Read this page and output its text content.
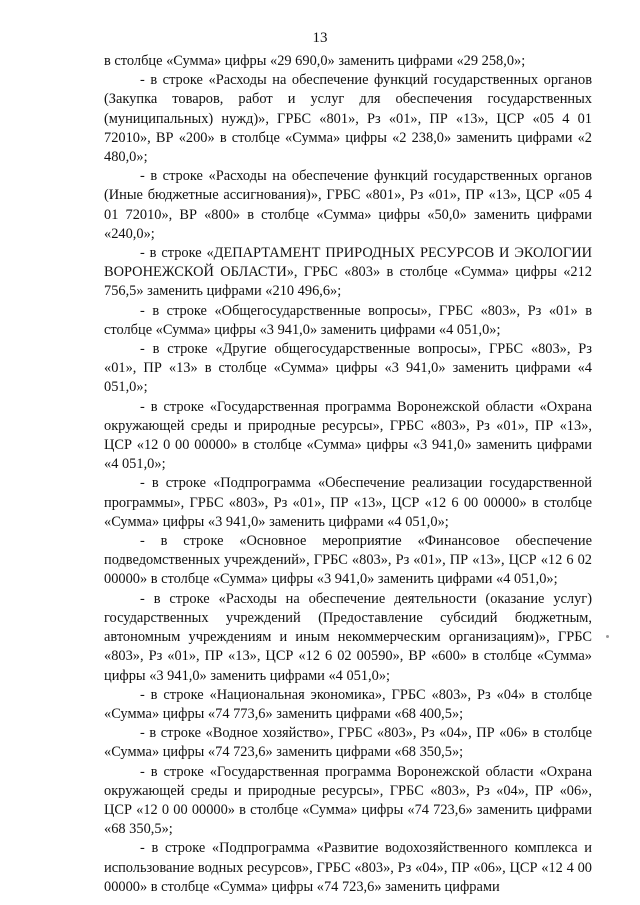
13

в столбце «Сумма» цифры «29 690,0» заменить цифрами «29 258,0»;

- в строке «Расходы на обеспечение функций государственных органов (Закупка товаров, работ и услуг для обеспечения государственных (муниципальных) нужд)», ГРБС «801», Рз «01», ПР «13», ЦСР «05 4 01 72010», ВР «200» в столбце «Сумма» цифры «2 238,0» заменить цифрами «2 480,0»;

- в строке «Расходы на обеспечение функций государственных органов (Иные бюджетные ассигнования)», ГРБС «801», Рз «01», ПР «13», ЦСР «05 4 01 72010», ВР «800» в столбце «Сумма» цифры «50,0» заменить цифрами «240,0»;

- в строке «ДЕПАРТАМЕНТ ПРИРОДНЫХ РЕСУРСОВ И ЭКОЛОГИИ ВОРОНЕЖСКОЙ ОБЛАСТИ», ГРБС «803» в столбце «Сумма» цифры «212 756,5» заменить цифрами «210 496,6»;

- в строке «Общегосударственные вопросы», ГРБС «803», Рз «01» в столбце «Сумма» цифры «3 941,0» заменить цифрами «4 051,0»;

- в строке «Другие общегосударственные вопросы», ГРБС «803», Рз «01», ПР «13» в столбце «Сумма» цифры «3 941,0» заменить цифрами «4 051,0»;

- в строке «Государственная программа Воронежской области «Охрана окружающей среды и природные ресурсы», ГРБС «803», Рз «01», ПР «13», ЦСР «12 0 00 00000» в столбце «Сумма» цифры «3 941,0» заменить цифрами «4 051,0»;

- в строке «Подпрограмма «Обеспечение реализации государственной программы», ГРБС «803», Рз «01», ПР «13», ЦСР «12 6 00 00000» в столбце «Сумма» цифры «3 941,0» заменить цифрами «4 051,0»;

- в строке «Основное мероприятие «Финансовое обеспечение подведомственных учреждений», ГРБС «803», Рз «01», ПР «13», ЦСР «12 6 02 00000» в столбце «Сумма» цифры «3 941,0» заменить цифрами «4 051,0»;

- в строке «Расходы на обеспечение деятельности (оказание услуг) государственных учреждений (Предоставление субсидий бюджетным, автономным учреждениям и иным некоммерческим организациям)», ГРБС «803», Рз «01», ПР «13», ЦСР «12 6 02 00590», ВР «600» в столбце «Сумма» цифры «3 941,0» заменить цифрами «4 051,0»;

- в строке «Национальная экономика», ГРБС «803», Рз «04» в столбце «Сумма» цифры «74 773,6» заменить цифрами «68 400,5»;

- в строке «Водное хозяйство», ГРБС «803», Рз «04», ПР «06» в столбце «Сумма» цифры «74 723,6» заменить цифрами «68 350,5»;

- в строке «Государственная программа Воронежской области «Охрана окружающей среды и природные ресурсы», ГРБС «803», Рз «04», ПР «06», ЦСР «12 0 00 00000» в столбце «Сумма» цифры «74 723,6» заменить цифрами «68 350,5»;

- в строке «Подпрограмма «Развитие водохозяйственного комплекса и использование водных ресурсов», ГРБС «803», Рз «04», ПР «06», ЦСР «12 4 00 00000» в столбце «Сумма» цифры «74 723,6» заменить цифрами
